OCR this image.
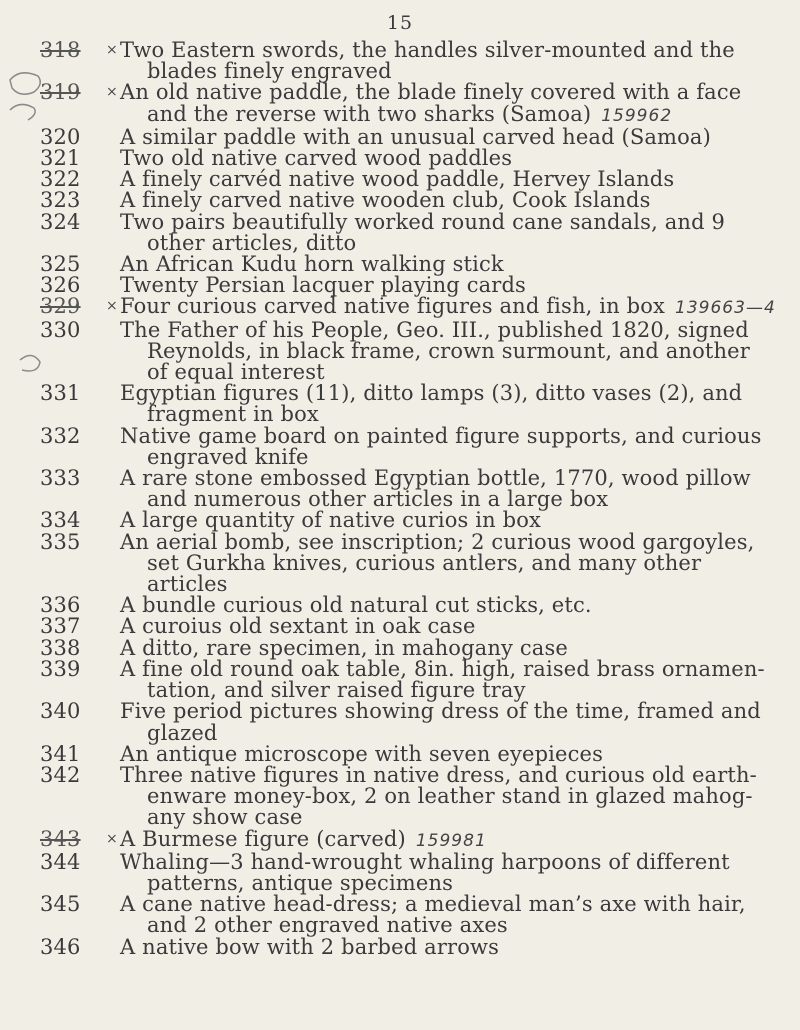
15
318	× Two Eastern swords, the handles silver-mounted and the
blades finely engraved
319	× An old native paddle, the blade finely covered with a face
and the reverse with two sharks (Samoa) 159962
320	A similar paddle with an unusual carved head (Samoa)
321	Two old native carved wood paddles
322	A finely carvéd native wood paddle, Hervey Islands
323	A finely carved native wooden club, Cook Islands
324	Two pairs beautifully worked round cane sandals, and 9
other articles, ditto
325	An African Kudu horn walking stick
326	Twenty Persian lacquer playing cards
329	× Four curious carved native figures and fish, in box 139663—4
330	The Father of his People, Geo. III., published 1820, signed
Reynolds, in black frame, crown surmount, and another
of equal interest
331	Egyptian figures (11), ditto lamps (3), ditto vases (2), and
fragment in box
332	Native game board on painted figure supports, and curious
engraved knife
333	A rare stone embossed Egyptian bottle, 1770, wood pillow
and numerous other articles in a large box
334	A large quantity of native curios in box
335	An aerial bomb, see inscription; 2 curious wood gargoyles,
set Gurkha knives, curious antlers, and many other
articles
336	A bundle curious old natural cut sticks, etc.
337	A curoius old sextant in oak case
338	A ditto, rare specimen, in mahogany case
339	A fine old round oak table, 8in. high, raised brass ornamen-
tation, and silver raised figure tray
340	Five period pictures showing dress of the time, framed and
glazed
341	An antique microscope with seven eyepieces
342	Three native figures in native dress, and curious old earth-
enware money-box, 2 on leather stand in glazed mahog-
any show case
343	× A Burmese figure (carved) 159981
344	Whaling—3 hand-wrought whaling harpoons of different
patterns, antique specimens
345	A cane native head-dress; a medieval man’s axe with hair,
and 2 other engraved native axes
346	A native bow with 2 barbed arrows
